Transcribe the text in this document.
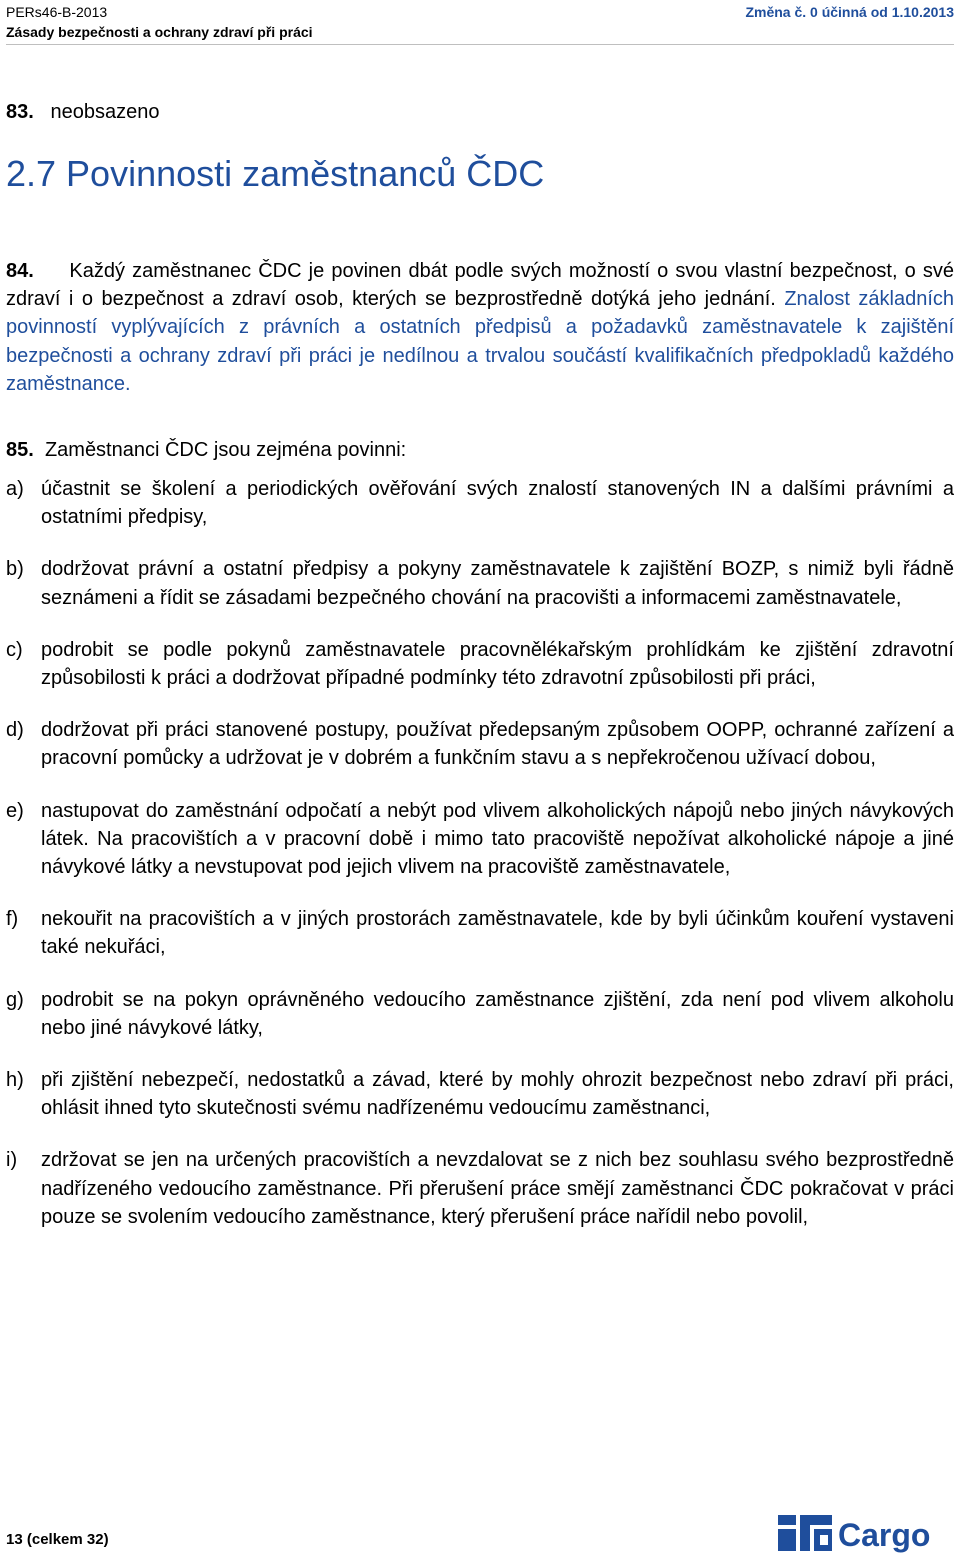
PERs46-B-2013
Zásady bezpečnosti a ochrany zdraví při práci
Změna č. 0 účinná od 1.10.2013
83. neobsazeno
2.7 Povinnosti zaměstnanců ČDC

84. Každý zaměstnanec ČDC je povinen dbát podle svých možností o svou vlastní bezpečnost, o své zdraví i o bezpečnost a zdraví osob, kterých se bezprostředně dotýká jeho jednání. Znalost základních povinností vyplývajících z právních a ostatních předpisů a požadavků zaměstnavatele k zajištění bezpečnosti a ochrany zdraví při práci je nedílnou a trvalou součástí kvalifikačních předpokladů každého zaměstnance.

85. Zaměstnanci ČDC jsou zejména povinni:

a) účastnit se školení a periodických ověřování svých znalostí stanovených IN a dalšími právními a ostatními předpisy,
b) dodržovat právní a ostatní předpisy a pokyny zaměstnavatele k zajištění BOZP, s nimiž byli řádně seznámeni a řídit se zásadami bezpečného chování na pracovišti a informacemi zaměstnavatele,
c) podrobit se podle pokynů zaměstnavatele pracovnělékařským prohlídkám ke zjištění zdravotní způsobilosti k práci a dodržovat případné podmínky této zdravotní způsobilosti při práci,
d) dodržovat při práci stanovené postupy, používat předepsaným způsobem OOPP, ochranné zařízení a pracovní pomůcky a udržovat je v dobrém a funkčním stavu a s nepřekročenou užívací dobou,
e) nastupovat do zaměstnání odpočatí a nebýt pod vlivem alkoholických nápojů nebo jiných návykových látek. Na pracovištích a v pracovní době i mimo tato pracoviště nepožívat alkoholické nápoje a jiné návykové látky a nevstupovat pod jejich vlivem na pracoviště zaměstnavatele,
f)	nekouřit na pracovištích a v jiných prostorách zaměstnavatele, kde by byli účinkům kouření vystaveni také nekuřáci,
g) podrobit se na pokyn oprávněného vedoucího zaměstnance zjištění, zda není pod vlivem alkoholu nebo jiné návykové látky,
h) při zjištění nebezpečí, nedostatků a závad, které by mohly ohrozit bezpečnost nebo zdraví při práci, ohlásit ihned tyto skutečnosti svému nadřízenému vedoucímu zaměstnanci,
i)	zdržovat se jen na určených pracovištích a nevzdalovat se z nich bez souhlasu svého bezprostředně nadřízeného vedoucího zaměstnance. Při přerušení práce smějí zaměstnanci ČDC pokračovat v práci pouze se svolením vedoucího zaměstnance, který přerušení práce nařídil nebo povolil,
13 (celkem 32)	Cargo
